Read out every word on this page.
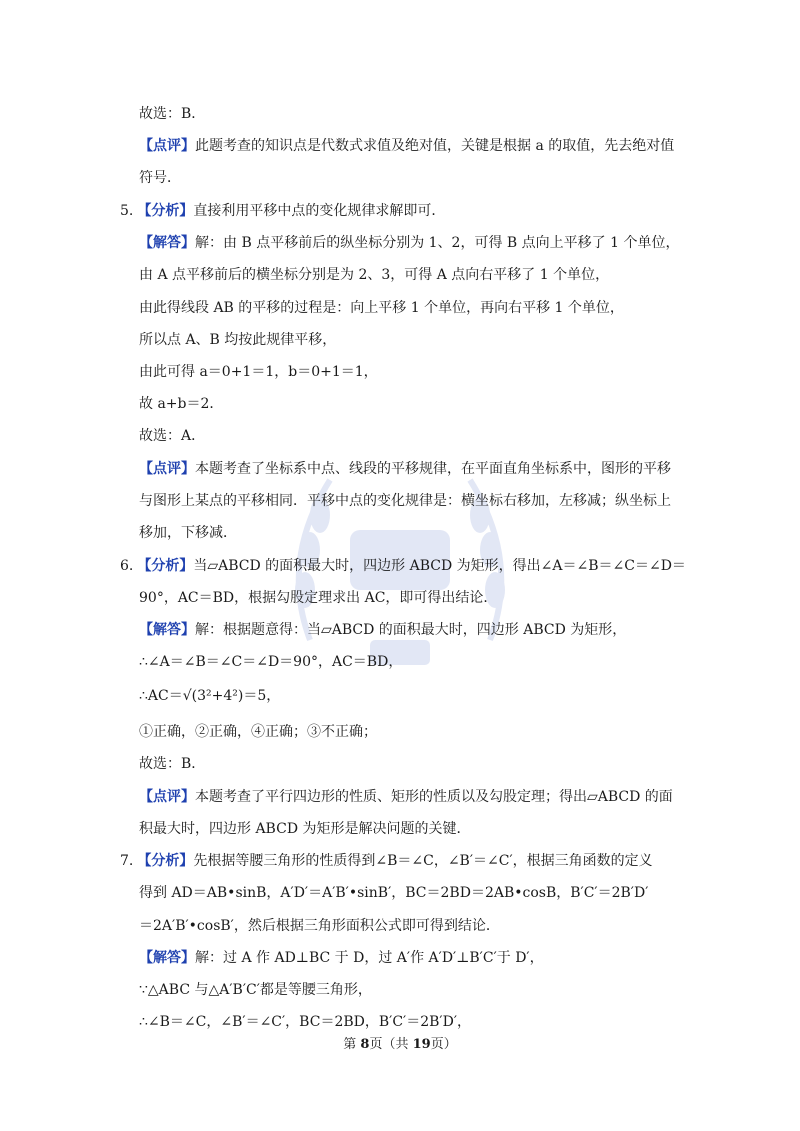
故选：B．
【点评】此题考查的知识点是代数式求值及绝对值，关键是根据 a 的取值，先去绝对值
符号．
5. 【分析】直接利用平移中点的变化规律求解即可．
【解答】解：由 B 点平移前后的纵坐标分别为 1、2，可得 B 点向上平移了 1 个单位，
由 A 点平移前后的横坐标分别是为 2、3，可得 A 点向右平移了 1 个单位，
由此得线段 AB 的平移的过程是：向上平移 1 个单位，再向右平移 1 个单位，
所以点 A、B 均按此规律平移，
由此可得 a＝0+1＝1，b＝0+1＝1，
故 a+b＝2．
故选：A．
【点评】本题考查了坐标系中点、线段的平移规律，在平面直角坐标系中，图形的平移
与图形上某点的平移相同．平移中点的变化规律是：横坐标右移加，左移减；纵坐标上
移加，下移减．
6. 【分析】当▱ABCD 的面积最大时，四边形 ABCD 为矩形，得出∠A＝∠B＝∠C＝∠D＝
90°，AC＝BD，根据勾股定理求出 AC，即可得出结论．
【解答】解：根据题意得：当▱ABCD 的面积最大时，四边形 ABCD 为矩形，
∴∠A＝∠B＝∠C＝∠D＝90°，AC＝BD，
∴AC＝√(3²+4²)＝5，
①正确，②正确，④正确；③不正确；
故选：B．
【点评】本题考查了平行四边形的性质、矩形的性质以及勾股定理；得出▱ABCD 的面
积最大时，四边形 ABCD 为矩形是解决问题的关键．
7. 【分析】先根据等腰三角形的性质得到∠B＝∠C，∠B′＝∠C′，根据三角函数的定义
得到 AD＝AB•sinB，A′D′＝A′B′•sinB′，BC＝2BD＝2AB•cosB，B′C′＝2B′D′
＝2A′B′•cosB′，然后根据三角形面积公式即可得到结论．
【解答】解：过 A 作 AD⊥BC 于 D，过 A′作 A′D′⊥B′C′于 D′，
∵△ABC 与△A′B′C′都是等腰三角形，
∴∠B＝∠C，∠B′＝∠C′，BC＝2BD，B′C′＝2B′D′，
第 8页（共 19页）
